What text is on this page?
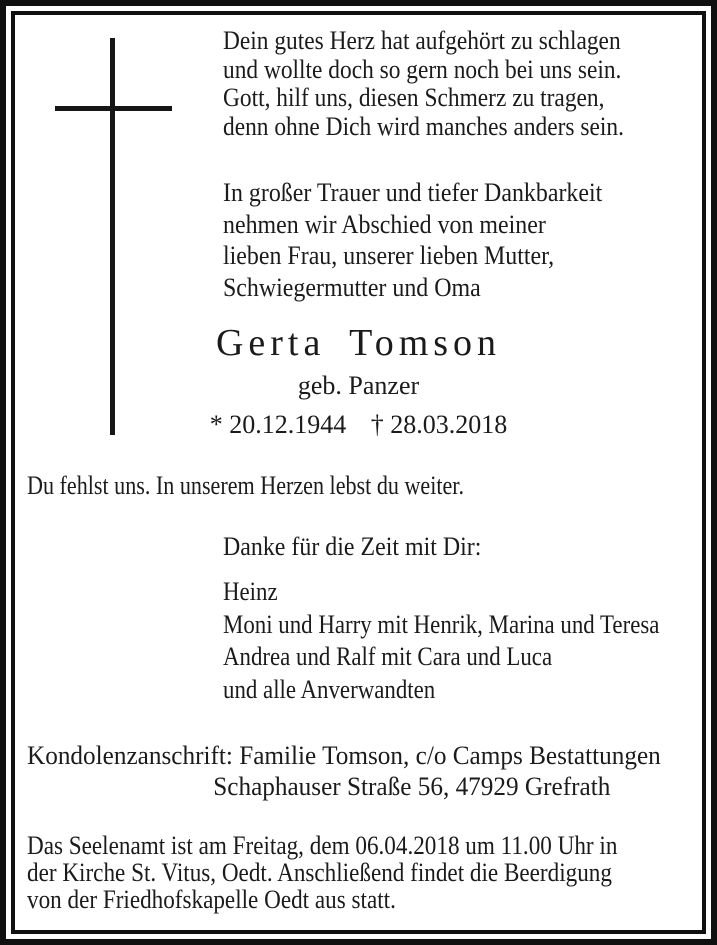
Dein gutes Herz hat aufgehört zu schlagen
und wollte doch so gern noch bei uns sein.
Gott, hilf uns, diesen Schmerz zu tragen,
denn ohne Dich wird manches anders sein.
In großer Trauer und tiefer Dankbarkeit
nehmen wir Abschied von meiner
lieben Frau, unserer lieben Mutter,
Schwiegermutter und Oma
Gerta Tomson
geb. Panzer
* 20.12.1944 † 28.03.2018
Du fehlst uns. In unserem Herzen lebst du weiter.
Danke für die Zeit mit Dir:
Heinz
Moni und Harry mit Henrik, Marina und Teresa
Andrea und Ralf mit Cara und Luca
und alle Anverwandten
Kondolenzanschrift: Familie Tomson, c/o Camps Bestattungen
Schaphauser Straße 56, 47929 Grefrath
Das Seelenamt ist am Freitag, dem 06.04.2018 um 11.00 Uhr in
der Kirche St. Vitus, Oedt. Anschließend findet die Beerdigung
von der Friedhofskapelle Oedt aus statt.
